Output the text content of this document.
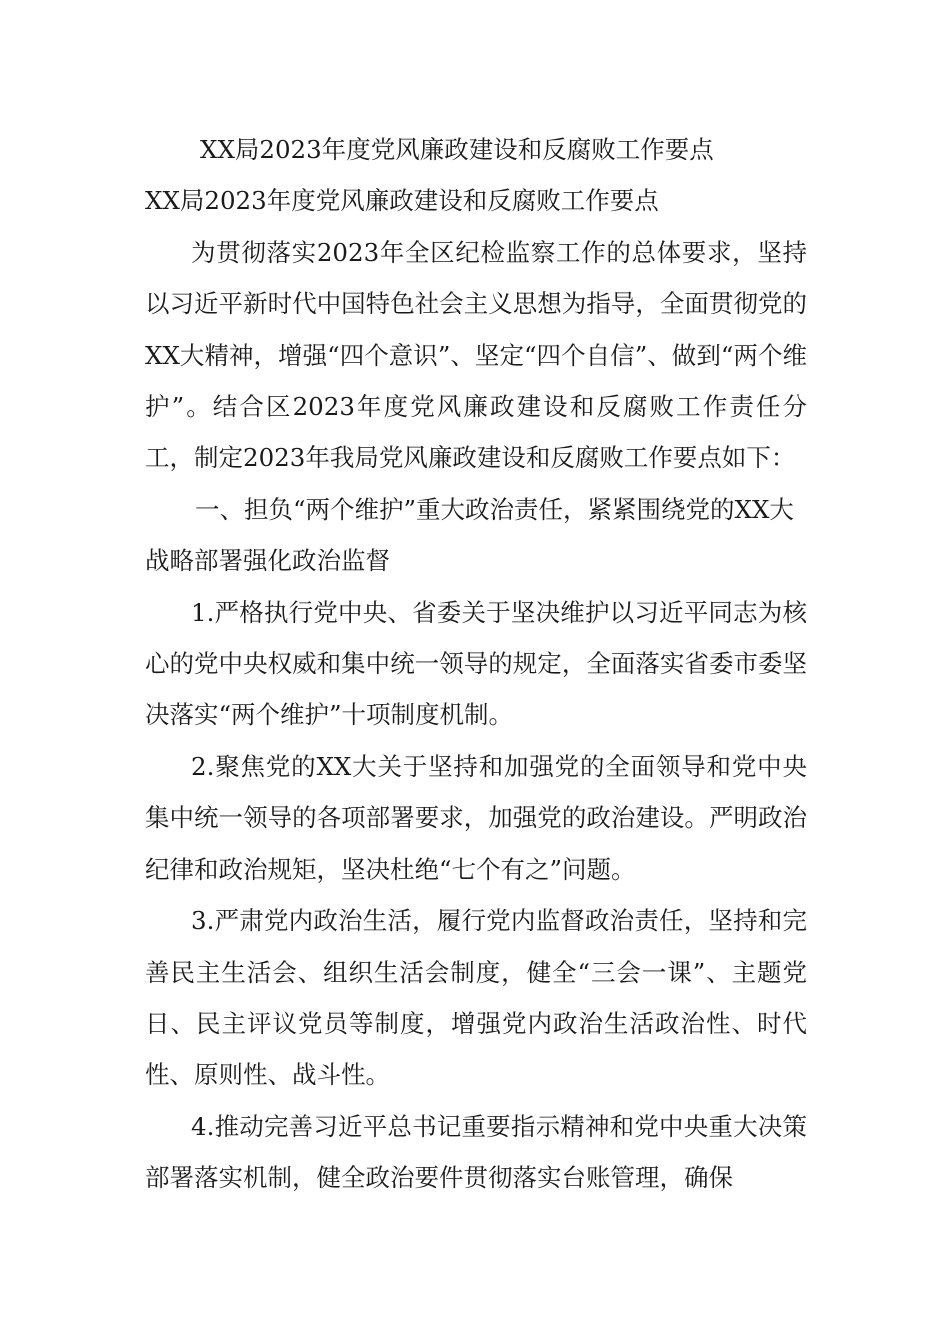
XX局2023年度党风廉政建设和反腐败工作要点

XX局2023年度党风廉政建设和反腐败工作要点

为贯彻落实2023年全区纪检监察工作的总体要求，坚持以习近平新时代中国特色社会主义思想为指导，全面贯彻党的XX大精神，增强“四个意识”、坚定“四个自信”、做到“两个维护”。结合区2023年度党风廉政建设和反腐败工作责任分工，制定2023年我局党风廉政建设和反腐败工作要点如下：

一、担负“两个维护”重大政治责任，紧紧围绕党的XX大战略部署强化政治监督

1.严格执行党中央、省委关于坚决维护以习近平同志为核心的党中央权威和集中统一领导的规定，全面落实省委市委坚决落实“两个维护”十项制度机制。

2.聚焦党的XX大关于坚持和加强党的全面领导和党中央集中统一领导的各项部署要求，加强党的政治建设。严明政治纪律和政治规矩，坚决杜绝“七个有之”问题。

3.严肃党内政治生活，履行党内监督政治责任，坚持和完善民主生活会、组织生活会制度，健全“三会一课”、主题党日、民主评议党员等制度，增强党内政治生活政治性、时代性、原则性、战斗性。

4.推动完善习近平总书记重要指示精神和党中央重大决策部署落实机制，健全政治要件贯彻落实台账管理，确保
